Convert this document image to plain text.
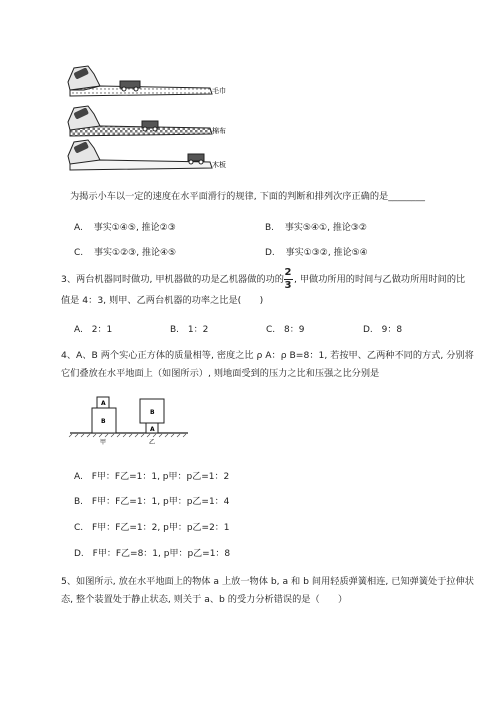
毛巾
棉布
木板
为揭示小车以一定的速度在水平面滑行的规律, 下面的判断和排列次序正确的是________
A. 事实①④⑤, 推论②③	B. 事实⑤④①, 推论③②
C. 事实①②③, 推论④⑤	D. 事实①③②, 推论⑤④
3、两台机器同时做功, 甲机器做的功是乙机器做的功的
2
3
, 甲做功所用的时间与乙做功所用时间的比
值是 4：3, 则甲、乙两台机器的功率之比是(　　)
A. 2：1	B. 1：2	C. 8：9	D. 9：8
4、A、B 两个实心正方体的质量相等, 密度之比 ρ A：ρ B=8：1, 若按甲、乙两种不同的方式, 分别将
它们叠放在水平地面上（如图所示）, 则地面受到的压力之比和压强之比分别是
A
B
甲
A
B
乙
A. F甲：F乙=1：1, p甲：p乙=1：2
B. F甲：F乙=1：1, p甲：p乙=1：4
C. F甲：F乙=1：2, p甲：p乙=2：1
D. F甲：F乙=8：1, p甲：p乙=1：8
5、如图所示, 放在水平地面上的物体 a 上放一物体 b, a 和 b 间用轻质弹簧相连, 已知弹簧处于拉伸状
态, 整个装置处于静止状态, 则关于 a、b 的受力分析错误的是（　　）
